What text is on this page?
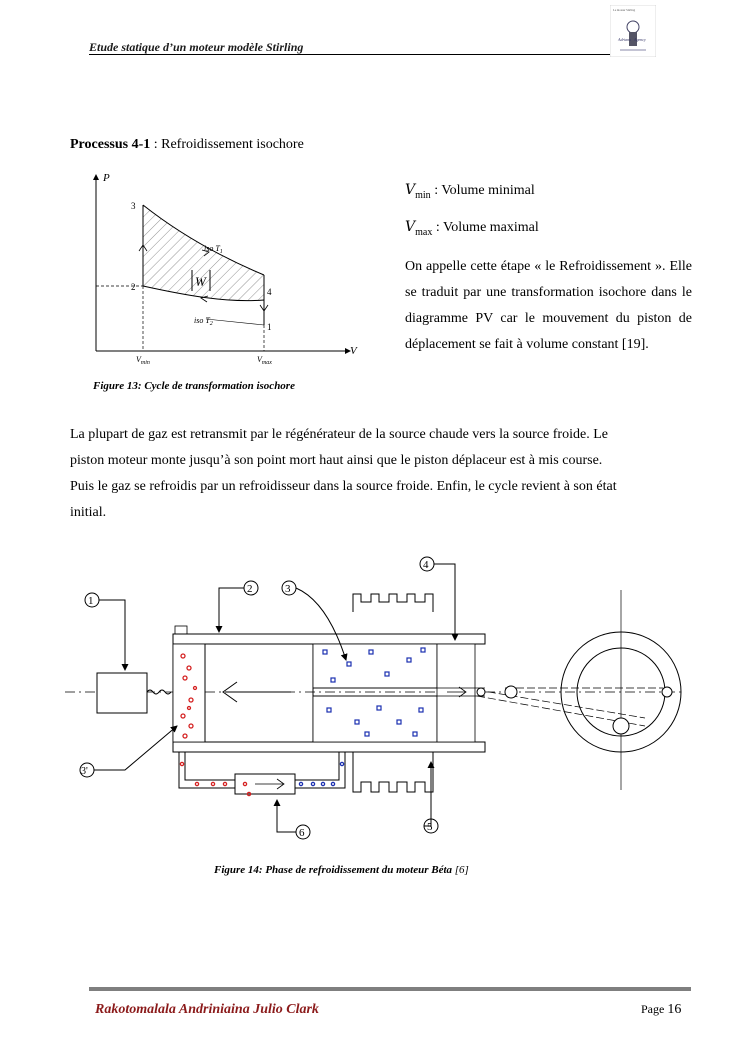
Etude statique d’un moteur modèle Stirling
Le moteur Stirling
Adriano Agency
Processus 4-1 : Refroidissement isochore
P
V
3
2	4
1
iso $T_1$
iso $T_2$
W
$V_{min}$	$V_{max}$
$V_{min}$ : Volume minimal
$V_{max}$ : Volume maximal
On appelle cette étape « le Refroidissement ». Elle se traduit par une transformation isochore dans le diagramme PV car le mouvement du piston de déplacement se fait à volume constant [19].
Figure 13: Cycle de transformation isochore
La plupart de gaz est retransmit par le régénérateur de la source chaude vers la source froide. Le
piston moteur monte jusqu’à son point mort haut ainsi que le piston déplaceur est à mis course.
Puis le gaz se refroidis par un refroidisseur dans la source froide. Enfin, le cycle revient à son état
initial.
1
2	3
4
3'
5
6
Figure 14: Phase de refroidissement du moteur Béta [6]
Rakotomalala Andriniaina Julio Clark	Page 16
